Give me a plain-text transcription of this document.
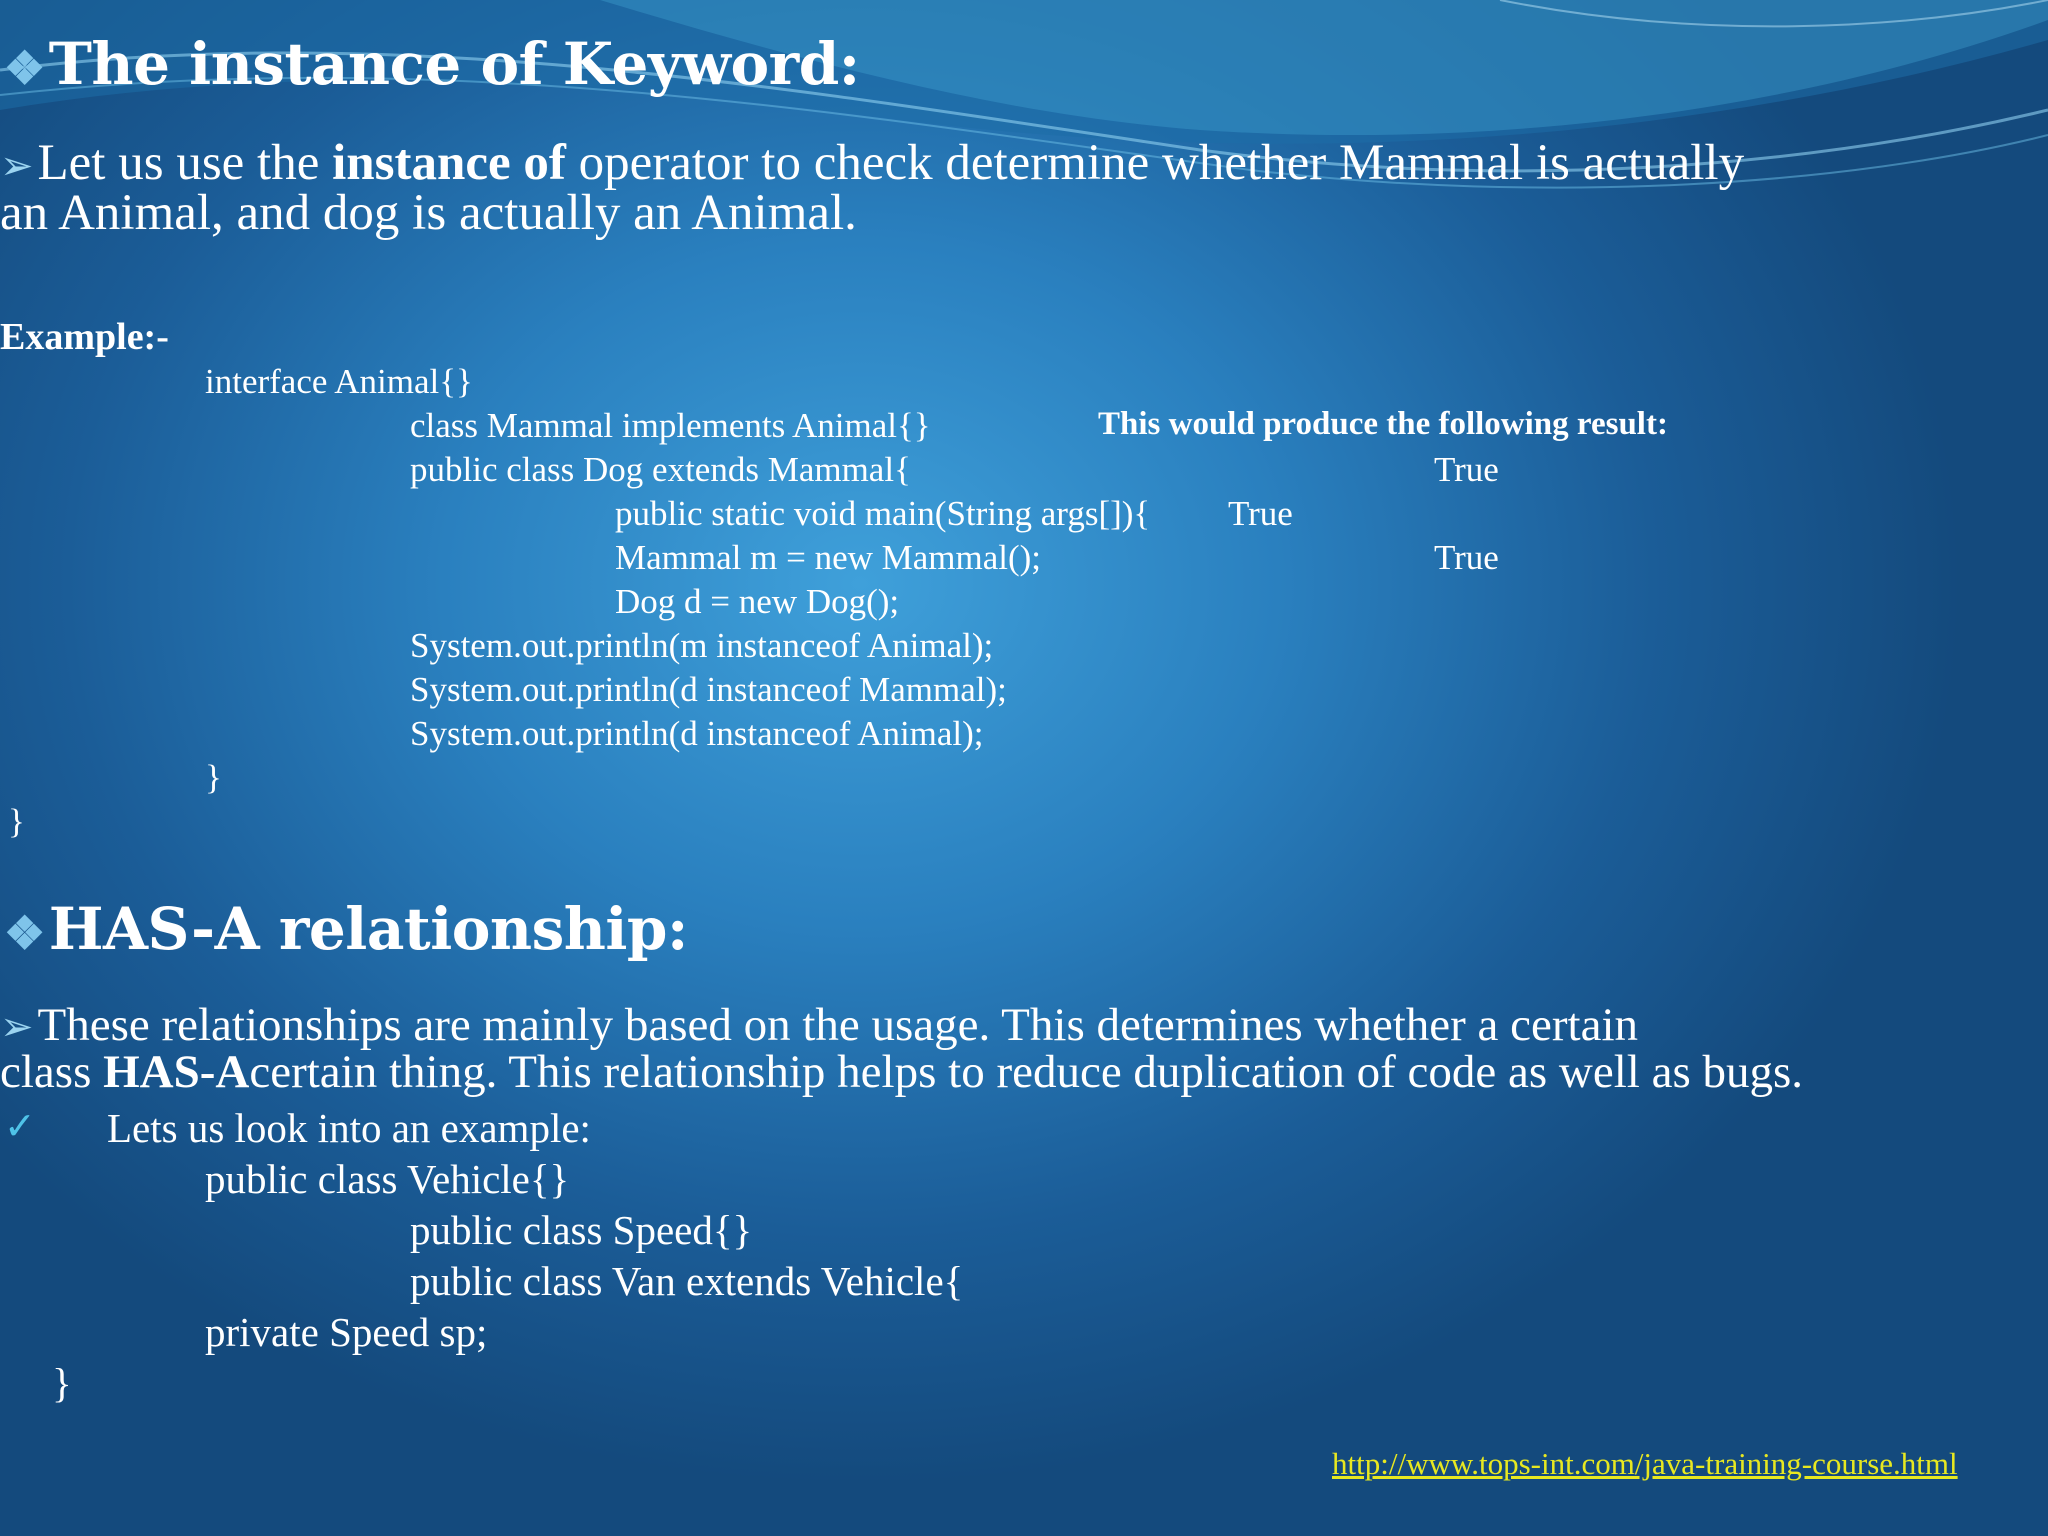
❖The instance of Keyword:
➢Let us use the instance of operator to check determine whether Mammal is actually
an Animal, and dog is actually an Animal.
Example:-
interface Animal{}
class Mammal implements Animal{}
public class Dog extends Mammal{
public static void main(String args[]){
Mammal m = new Mammal();
Dog d = new Dog();
System.out.println(m instanceof Animal);
System.out.println(d instanceof Mammal);
System.out.println(d instanceof Animal);
}
}
This would produce the following result:
True
True
True
❖HAS-A relationship:
➢These relationships are mainly based on the usage. This determines whether a certain
class HAS-Acertain thing. This relationship helps to reduce duplication of code as well as bugs.
✓ Lets us look into an example:
public class Vehicle{}
public class Speed{}
public class Van extends Vehicle{
private Speed sp;
}
http://www.tops-int.com/java-training-course.html
